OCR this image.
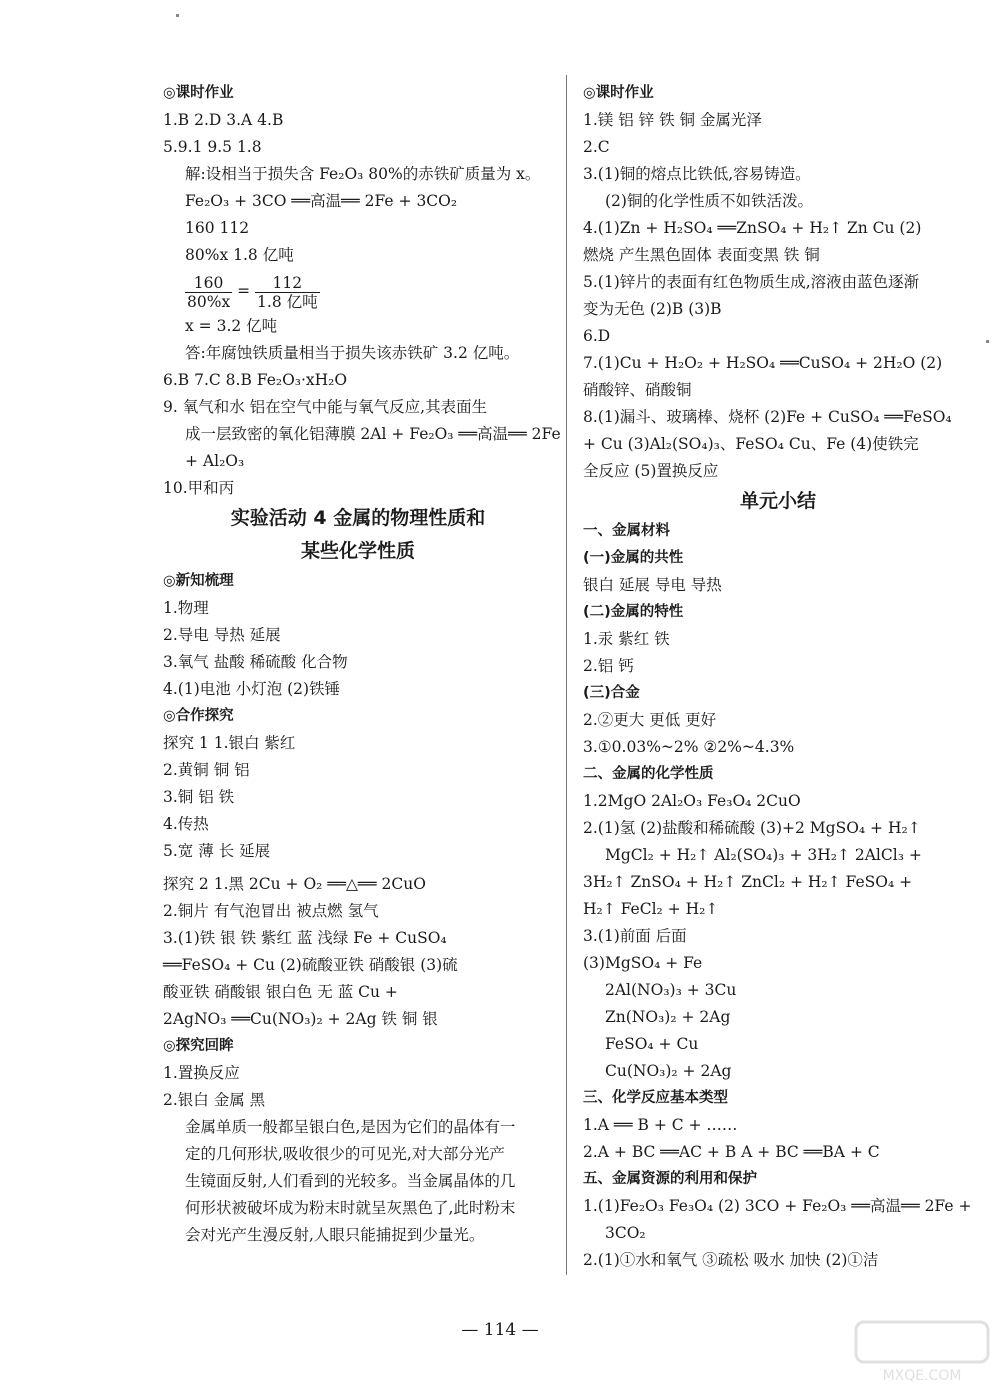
◎课时作业
1.B 2.D 3.A 4.B
5.9.1 9.5 1.8
解:设相当于损失含 Fe₂O₃ 80%的赤铁矿质量为 x。
Fe₂O₃ + 3CO ══高温══ 2Fe + 3CO₂
160 112
80%x 1.8 亿吨
$\frac{160}{80\%x} = \frac{112}{\text{1.8 亿吨}}$
x = 3.2 亿吨
答:年腐蚀铁质量相当于损失该赤铁矿 3.2 亿吨。
6.B 7.C 8.B Fe₂O₃·xH₂O
9. 氧气和水 铝在空气中能与氧气反应,其表面生
成一层致密的氧化铝薄膜 2Al + Fe₂O₃ ══高温══ 2Fe
+ Al₂O₃
10.甲和丙
实验活动 4 金属的物理性质和
某些化学性质
◎新知梳理
1.物理
2.导电 导热 延展
3.氧气 盐酸 稀硫酸 化合物
4.(1)电池 小灯泡 (2)铁锤
◎合作探究
探究 1 1.银白 紫红
2.黄铜 铜 铝
3.铜 铝 铁
4.传热
5.宽 薄 长 延展
探究 2 1.黑 2Cu + O₂ ══△══ 2CuO
2.铜片 有气泡冒出 被点燃 氢气
3.(1)铁 银 铁 紫红 蓝 浅绿 Fe + CuSO₄
══FeSO₄ + Cu (2)硫酸亚铁 硝酸银 (3)硫
酸亚铁 硝酸银 银白色 无 蓝 Cu +
2AgNO₃ ══Cu(NO₃)₂ + 2Ag 铁 铜 银
◎探究回眸
1.置换反应
2.银白 金属 黑
金属单质一般都呈银白色,是因为它们的晶体有一
定的几何形状,吸收很少的可见光,对大部分光产
生镜面反射,人们看到的光较多。当金属晶体的几
何形状被破坏成为粉末时就呈灰黑色了,此时粉末
会对光产生漫反射,人眼只能捕捉到少量光。
◎课时作业
1.镁 铝 锌 铁 铜 金属光泽
2.C
3.(1)铜的熔点比铁低,容易铸造。
(2)铜的化学性质不如铁活泼。
4.(1)Zn + H₂SO₄ ══ZnSO₄ + H₂↑ Zn Cu (2)
燃烧 产生黑色固体 表面变黑 铁 铜
5.(1)锌片的表面有红色物质生成,溶液由蓝色逐渐
变为无色 (2)B (3)B
6.D
7.(1)Cu + H₂O₂ + H₂SO₄ ══CuSO₄ + 2H₂O (2)
硝酸锌、硝酸铜
8.(1)漏斗、玻璃棒、烧杯 (2)Fe + CuSO₄ ══FeSO₄
+ Cu (3)Al₂(SO₄)₃、FeSO₄ Cu、Fe (4)使铁完
全反应 (5)置换反应
单元小结
一、金属材料
(一)金属的共性
银白 延展 导电 导热
(二)金属的特性
1.汞 紫红 铁
2.铝 钙
(三)合金
2.②更大 更低 更好
3.①0.03%~2% ②2%~4.3%
二、金属的化学性质
1.2MgO 2Al₂O₃ Fe₃O₄ 2CuO
2.(1)氢 (2)盐酸和稀硫酸 (3)+2 MgSO₄ + H₂↑
MgCl₂ + H₂↑ Al₂(SO₄)₃ + 3H₂↑ 2AlCl₃ +
3H₂↑ ZnSO₄ + H₂↑ ZnCl₂ + H₂↑ FeSO₄ +
H₂↑ FeCl₂ + H₂↑
3.(1)前面 后面
(3)MgSO₄ + Fe
2Al(NO₃)₃ + 3Cu
Zn(NO₃)₂ + 2Ag
FeSO₄ + Cu
Cu(NO₃)₂ + 2Ag
三、化学反应基本类型
1.A ══ B + C + ……
2.A + BC ══AC + B A + BC ══BA + C
五、金属资源的利用和保护
1.(1)Fe₂O₃ Fe₃O₄ (2) 3CO + Fe₂O₃ ══高温══ 2Fe +
3CO₂
2.(1)①水和氧气 ③疏松 吸水 加快 (2)①洁
— 114 —
MXQE.COM
